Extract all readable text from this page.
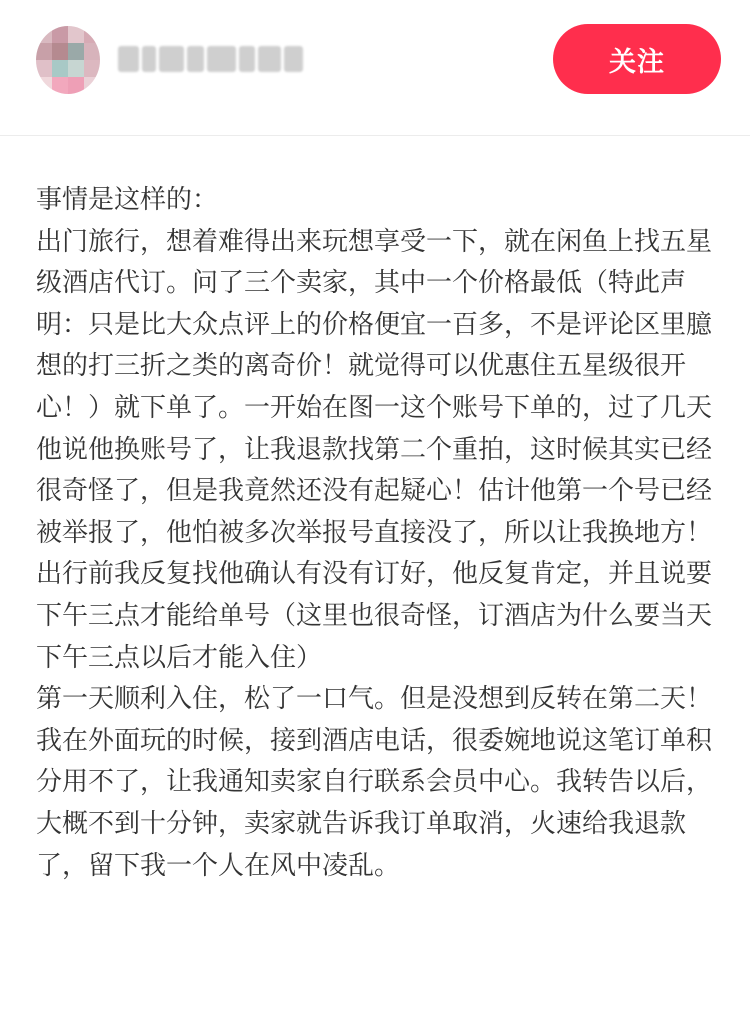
关注

事情是这样的：

出门旅行，想着难得出来玩想享受一下，就在闲鱼上找五星级酒店代订。问了三个卖家，其中一个价格最低（特此声明：只是比大众点评上的价格便宜一百多，不是评论区里臆想的打三折之类的离奇价！就觉得可以优惠住五星级很开心！）就下单了。一开始在图一这个账号下单的，过了几天他说他换账号了，让我退款找第二个重拍，这时候其实已经很奇怪了，但是我竟然还没有起疑心！估计他第一个号已经被举报了，他怕被多次举报号直接没了，所以让我换地方！

出行前我反复找他确认有没有订好，他反复肯定，并且说要下午三点才能给单号（这里也很奇怪，订酒店为什么要当天下午三点以后才能入住）

第一天顺利入住，松了一口气。但是没想到反转在第二天！

我在外面玩的时候，接到酒店电话，很委婉地说这笔订单积分用不了，让我通知卖家自行联系会员中心。我转告以后，大概不到十分钟，卖家就告诉我订单取消，火速给我退款了，留下我一个人在风中凌乱。
